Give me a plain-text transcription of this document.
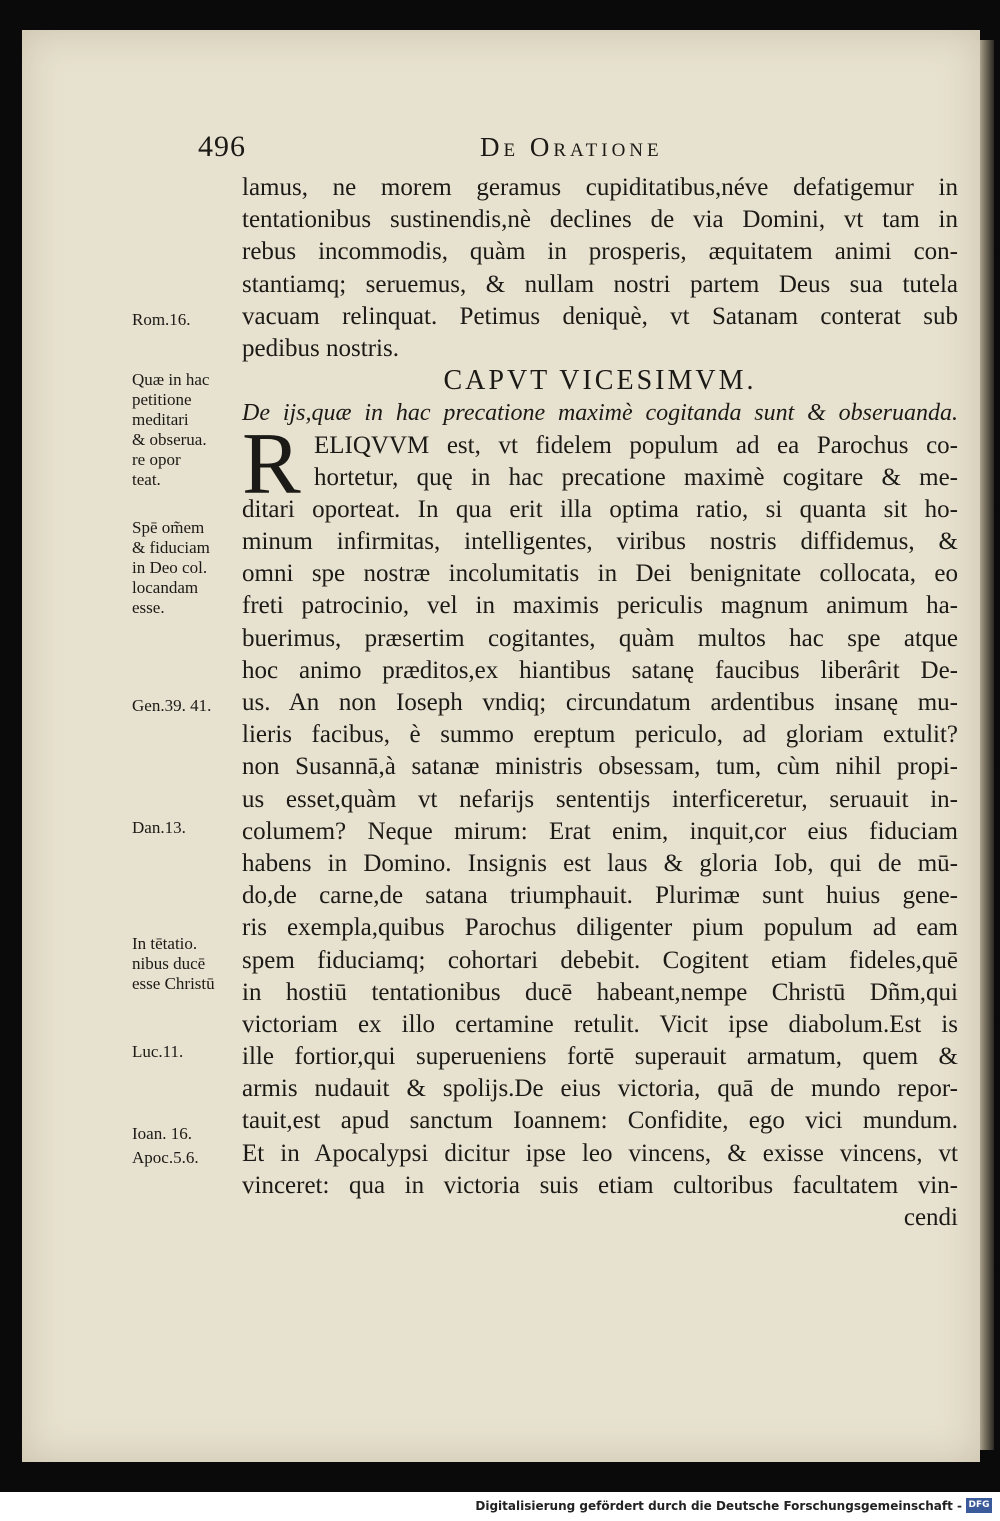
496	De Orationе
Rom.16.
Quæ in hac
petitione
meditari
& obserua.
re opor
teat.
Spē om̃em
& fiduciam
in Deo col.
locandam
esse.
Gen.39. 41.
Dan.13.
In tētatio.
nibus ducē
esse Christū
Luc.11.
Ioan. 16.
Apoc.5.6.
lamus, ne morem geramus cupiditatibus,néve defatigemur in
tentationibus sustinendis,nè declines de via Domini, vt tam in
rebus incommodis, quàm in prosperis, æquitatem animi con-
stantiamq; seruemus, & nullam nostri partem Deus sua tutela
vacuam relinquat. Petimus deniquè, vt Satanam conterat sub
pedibus nostris.
CAPVT VICESIMVM.
De ijs,quæ in hac precatione maximè cogitanda sunt & obseruanda.
R ELIQVVM est, vt fidelem populum ad ea Parochus co-
hortetur, quę in hac precatione maximè cogitare & me-
ditari oporteat. In qua erit illa optima ratio, si quanta sit ho-
minum infirmitas, intelligentes, viribus nostris diffidemus, &
omni spe nostræ incolumitatis in Dei benignitate collocata, eo
freti patrocinio, vel in maximis periculis magnum animum ha-
buerimus, præsertim cogitantes, quàm multos hac spe atque
hoc animo præditos,ex hiantibus satanę faucibus liberârit De-
us. An non Ioseph vndiq; circundatum ardentibus insanę mu-
lieris facibus, è summo ereptum periculo, ad gloriam extulit?
non Susannā,à satanæ ministris obsessam, tum, cùm nihil propi-
us esset,quàm vt nefarijs sententijs interficeretur, seruauit in-
columem? Neque mirum: Erat enim, inquit,cor eius fiduciam
habens in Domino. Insignis est laus & gloria Iob, qui de mū-
do,de carne,de satana triumphauit. Plurimæ sunt huius gene-
ris exempla,quibus Parochus diligenter pium populum ad eam
spem fiduciamq; cohortari debebit. Cogitent etiam fideles,quē
in hostiū tentationibus ducē habeant,nempe Christū Dñm,qui
victoriam ex illo certamine retulit. Vicit ipse diabolum.Est is
ille fortior,qui superueniens fortē superauit armatum, quem &
armis nudauit & spolijs.De eius victoria, quā de mundo repor-
tauit,est apud sanctum Ioannem: Confidite, ego vici mundum.
Et in Apocalypsi dicitur ipse leo vincens, & exisse vincens, vt
vinceret: qua in victoria suis etiam cultoribus facultatem vin-
cendi
Digitalisierung gefördert durch die Deutsche Forschungsgemeinschaft - DFG
